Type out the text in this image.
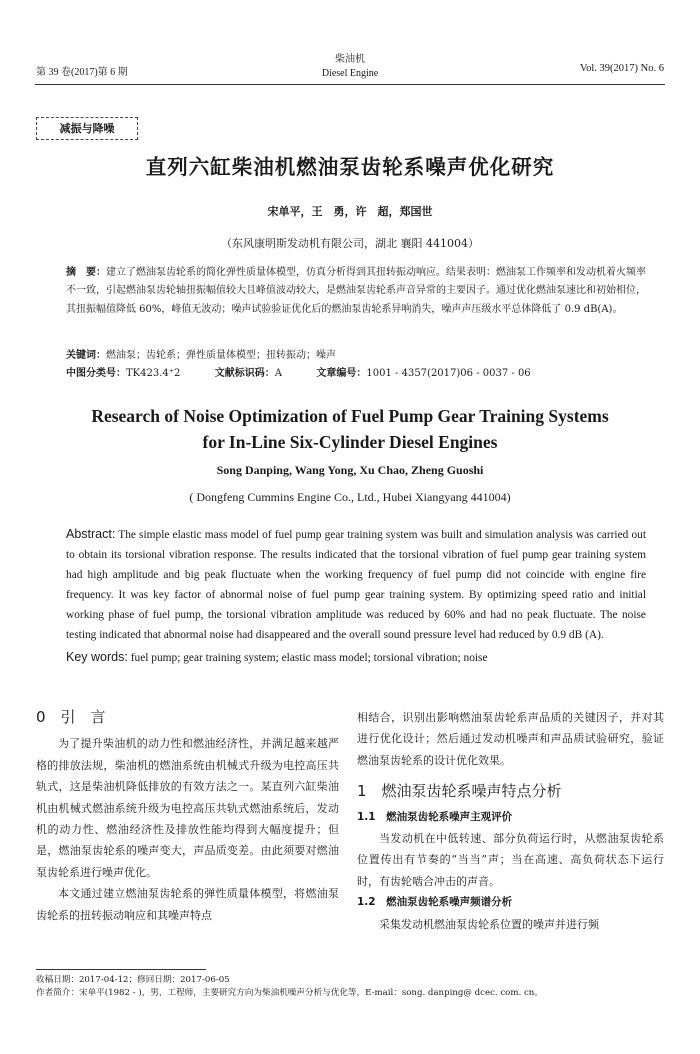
第 39 卷(2017)第 6 期
柴油机
Diesel Engine	Vol. 39(2017) No. 6
减振与降噪
直列六缸柴油机燃油泵齿轮系噪声优化研究
宋单平，王　勇，许　超，郑国世
（东风康明斯发动机有限公司，湖北 襄阳 441004）
摘　要：建立了燃油泵齿轮系的简化弹性质量体模型，仿真分析得到其扭转振动响应。结果表明：燃油泵工作频率和发动机着火频率不一致，引起燃油泵齿轮轴扭振幅值较大且峰值波动较大，是燃油泵齿轮系声音异常的主要因子。通过优化燃油泵速比和初始相位，其扭振幅值降低 60%，峰值无波动；噪声试验验证优化后的燃油泵齿轮系异响消失，噪声声压级水平总体降低了 0.9 dB(A)。
关键词：燃油泵；齿轮系；弹性质量体模型；扭转振动；噪声
中图分类号：TK423.4⁺2	文献标识码：A	文章编号：1001 - 4357(2017)06 - 0037 - 06
Research of Noise Optimization of Fuel Pump Gear Training Systems
for In-Line Six-Cylinder Diesel Engines
Song Danping, Wang Yong, Xu Chao, Zheng Guoshi
( Dongfeng Cummins Engine Co., Ltd., Hubei Xiangyang 441004)
Abstract: The simple elastic mass model of fuel pump gear training system was built and simulation analysis was carried out to obtain its torsional vibration response. The results indicated that the torsional vibration of fuel pump gear training system had high amplitude and big peak fluctuate when the working frequency of fuel pump did not coincide with engine fire frequency. It was key factor of abnormal noise of fuel pump gear training system. By optimizing speed ratio and initial working phase of fuel pump, the torsional vibration amplitude was reduced by 60% and had no peak fluctuate. The noise testing indicated that abnormal noise had disappeared and the overall sound pressure level had reduced by 0.9 dB (A).
Key words: fuel pump; gear training system; elastic mass model; torsional vibration; noise
0　引　言

为了提升柴油机的动力性和燃油经济性，并满足越来越严格的排放法规，柴油机的燃油系统由机械式升级为电控高压共轨式，这是柴油机降低排放的有效方法之一。某直列六缸柴油机由机械式燃油系统升级为电控高压共轨式燃油系统后，发动机的动力性、燃油经济性及排放性能均得到大幅度提升；但是，燃油泵齿轮系的噪声变大，声品质变差。由此须要对燃油泵齿轮系进行噪声优化。

本文通过建立燃油泵齿轮系的弹性质量体模型，将燃油泵齿轮系的扭转振动响应和其噪声特点

相结合，识别出影响燃油泵齿轮系声品质的关键因子，并对其进行优化设计；然后通过发动机噪声和声品质试验研究，验证燃油泵齿轮系的设计优化效果。
1　燃油泵齿轮系噪声特点分析
1.1　燃油泵齿轮系噪声主观评价

当发动机在中低转速、部分负荷运行时，从燃油泵齿轮系位置传出有节奏的“当当”声；当在高速、高负荷状态下运行时，有齿轮啮合冲击的声音。

1.2　燃油泵齿轮系噪声频谱分析

采集发动机燃油泵齿轮系位置的噪声并进行频

收稿日期：2017-04-12；修回日期：2017-06-05
作者简介：宋单平(1982 - )，男，工程师，主要研究方向为柴油机噪声分析与优化等，E-mail：song. danping@ dcec. com. cn。
